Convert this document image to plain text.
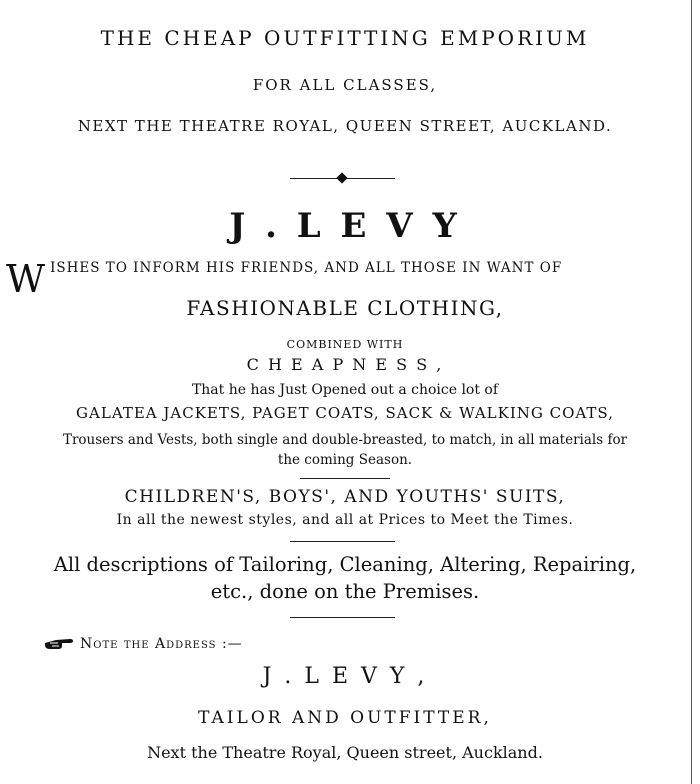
THE CHEAP OUTFITTING EMPORIUM
FOR ALL CLASSES,
NEXT THE THEATRE ROYAL, QUEEN STREET, AUCKLAND.
J . L E V Y
WISHES TO INFORM HIS FRIENDS, AND ALL THOSE IN WANT OF
FASHIONABLE CLOTHING,
COMBINED WITH
C H E A P N E S S ,
That he has Just Opened out a choice lot of
GALATEA JACKETS, PAGET COATS, SACK & WALKING COATS,
Trousers and Vests, both single and double-breasted, to match, in all materials for
the coming Season.
CHILDREN'S, BOYS', AND YOUTHS' SUITS,
In all the newest styles, and all at Prices to Meet the Times.
All descriptions of Tailoring, Cleaning, Altering, Repairing,
etc., done on the Premises.
Note the Address :—
J . L E V Y ,
TAILOR AND OUTFITTER,
Next the Theatre Royal, Queen street, Auckland.
